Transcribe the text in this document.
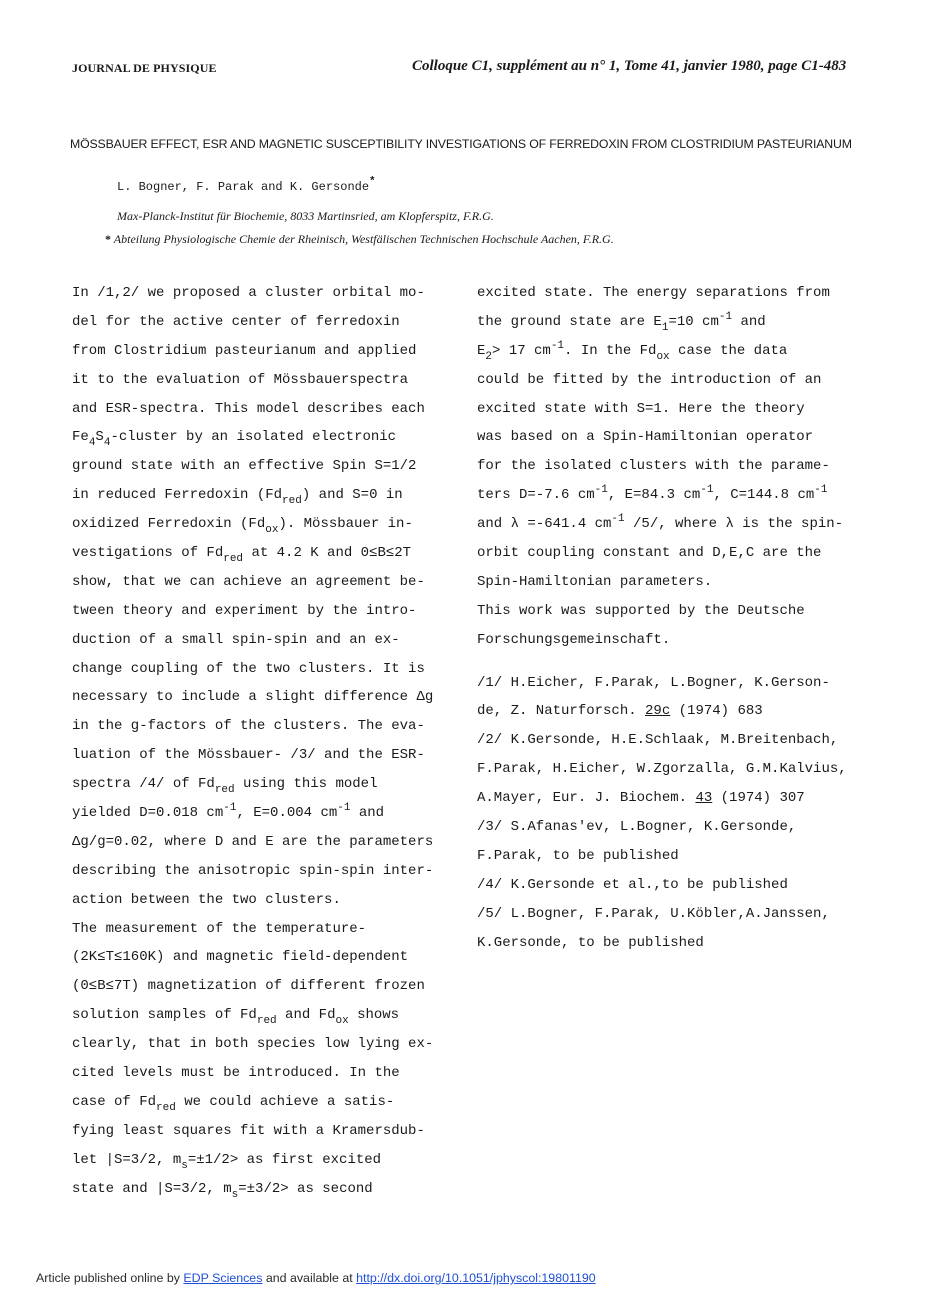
JOURNAL DE PHYSIQUE	Colloque C1, supplément au n° 1, Tome 41, janvier 1980, page C1-483
MÖSSBAUER EFFECT, ESR AND MAGNETIC SUSCEPTIBILITY INVESTIGATIONS OF FERREDOXIN FROM CLOSTRIDIUM PASTEURIANUM
L. Bogner, F. Parak and K. Gersonde*
Max-Planck-Institut für Biochemie, 8033 Martinsried, am Klopferspitz, F.R.G.
* Abteilung Physiologische Chemie der Rheinisch, Westfälischen Technischen Hochschule Aachen, F.R.G.
In /1,2/ we proposed a cluster orbital mo-
del for the active center of ferredoxin
from Clostridium pasteurianum and applied
it to the evaluation of Mössbauerspectra
and ESR-spectra. This model describes each
$Fe_4S_4$-cluster by an isolated electronic
ground state with an effective Spin S=1/2
in reduced Ferredoxin $(Fd_{red})$ and S=0 in
oxidized Ferredoxin $(Fd_{ox})$. Mössbauer in-
vestigations of $Fd_{red}$ at 4.2 K and 0≤B≤2T
show, that we can achieve an agreement be-
tween theory and experiment by the intro-
duction of a small spin-spin and an ex-
change coupling of the two clusters. It is
necessary to include a slight difference Δg
in the g-factors of the clusters. The eva-
luation of the Mössbauer- /3/ and the ESR-
spectra /4/ of $Fd_{red}$ using this model
yielded D=0.018 $cm^{-1}$, E=0.004 $cm^{-1}$ and
Δg/g=0.02, where D and E are the parameters
describing the anisotropic spin-spin inter-
action between the two clusters.
The measurement of the temperature-
(2K≤T≤160K) and magnetic field-dependent
(0≤B≤7T) magnetization of different frozen
solution samples of $Fd_{red}$ and $Fd_{ox}$ shows
clearly, that in both species low lying ex-
cited levels must be introduced. In the
case of $Fd_{red}$ we could achieve a satis-
fying least squares fit with a Kramersdub-
let |S=3/2, $m_s=\pm 1/2>$ as first excited
state and |S=3/2, $m_s=\pm 3/2>$ as second
excited state. The energy separations from
the ground state are $E_1=10$ $cm^{-1}$ and
$E_2> 17$ $cm^{-1}$. In the $Fd_{ox}$ case the data
could be fitted by the introduction of an
excited state with S=1. Here the theory
was based on a Spin-Hamiltonian operator
for the isolated clusters with the parame-
ters D=-7.6 $cm^{-1}$, E=84.3 $cm^{-1}$, C=144.8 $cm^{-1}$
and λ =-641.4 $cm^{-1}$ /5/, where λ is the spin-
orbit coupling constant and D,E,C are the
Spin-Hamiltonian parameters.
This work was supported by the Deutsche
Forschungsgemeinschaft.
/1/ H.Eicher, F.Parak, L.Bogner, K.Gerson-
de, Z. Naturforsch. 29c (1974) 683
/2/ K.Gersonde, H.E.Schlaak, M.Breitenbach,
F.Parak, H.Eicher, W.Zgorzalla, G.M.Kalvius,
A.Mayer, Eur. J. Biochem. 43 (1974) 307
/3/ S.Afanas'ev, L.Bogner, K.Gersonde,
F.Parak, to be published
/4/ K.Gersonde et al.,to be published
/5/ L.Bogner, F.Parak, U.Köbler,A.Janssen,
K.Gersonde, to be published
Article published online by EDP Sciences and available at http://dx.doi.org/10.1051/jphyscol:19801190
